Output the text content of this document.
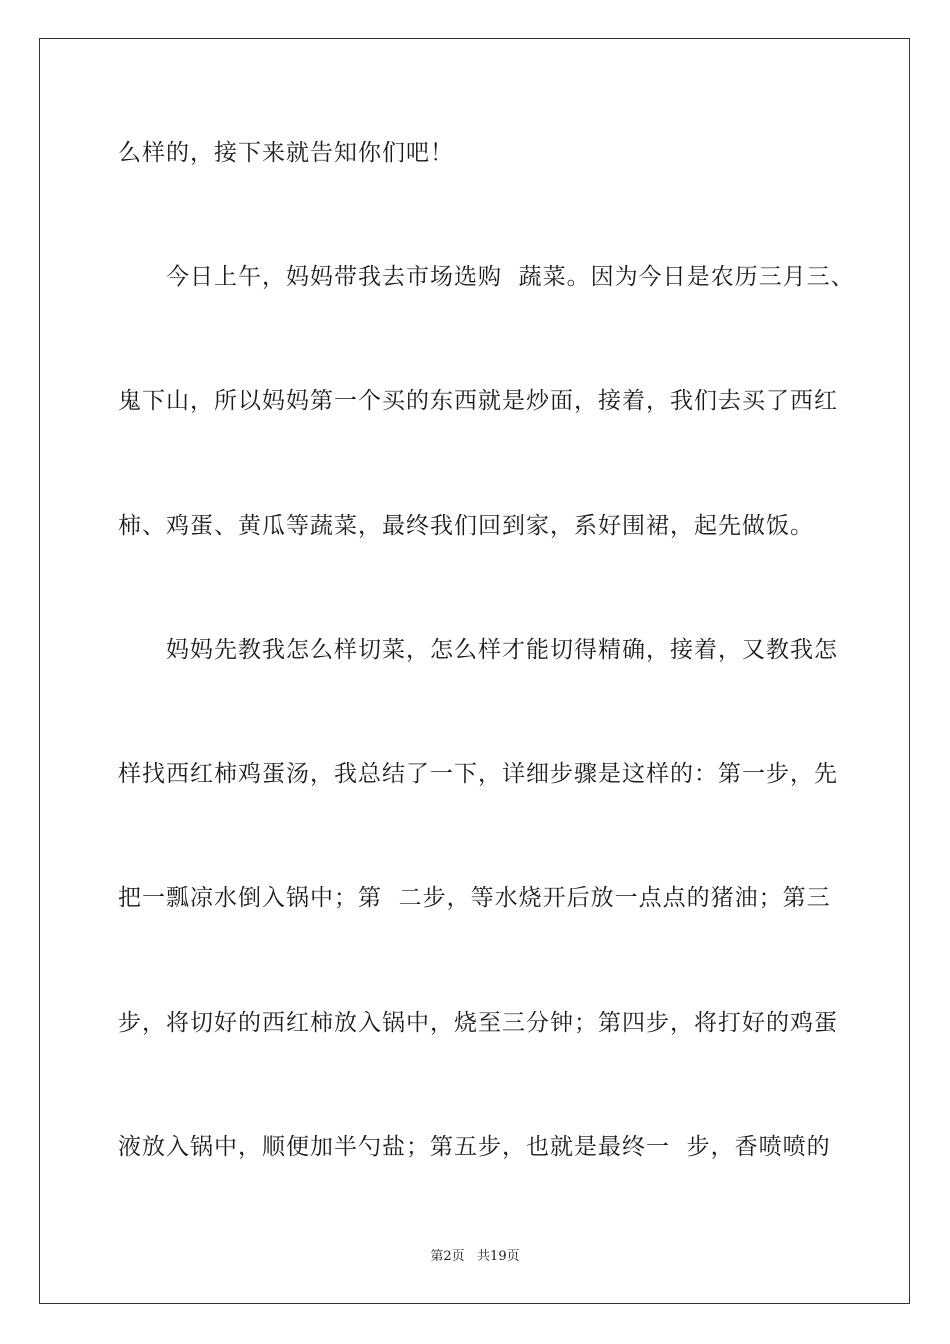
么样的，接下来就告知你们吧！
　　今日上午，妈妈带我去市场选购  蔬菜。因为今日是农历三月三、
鬼下山，所以妈妈第一个买的东西就是炒面，接着，我们去买了西红
柿、鸡蛋、黄瓜等蔬菜，最终我们回到家，系好围裙，起先做饭。
　　妈妈先教我怎么样切菜，怎么样才能切得精确，接着，又教我怎
样找西红柿鸡蛋汤，我总结了一下，详细步骤是这样的：第一步，先
把一瓢凉水倒入锅中；第  二步，等水烧开后放一点点的猪油；第三
步，将切好的西红柿放入锅中，烧至三分钟；第四步，将打好的鸡蛋
液放入锅中，顺便加半勺盐；第五步，也就是最终一  步，香喷喷的
第2页   共19页
